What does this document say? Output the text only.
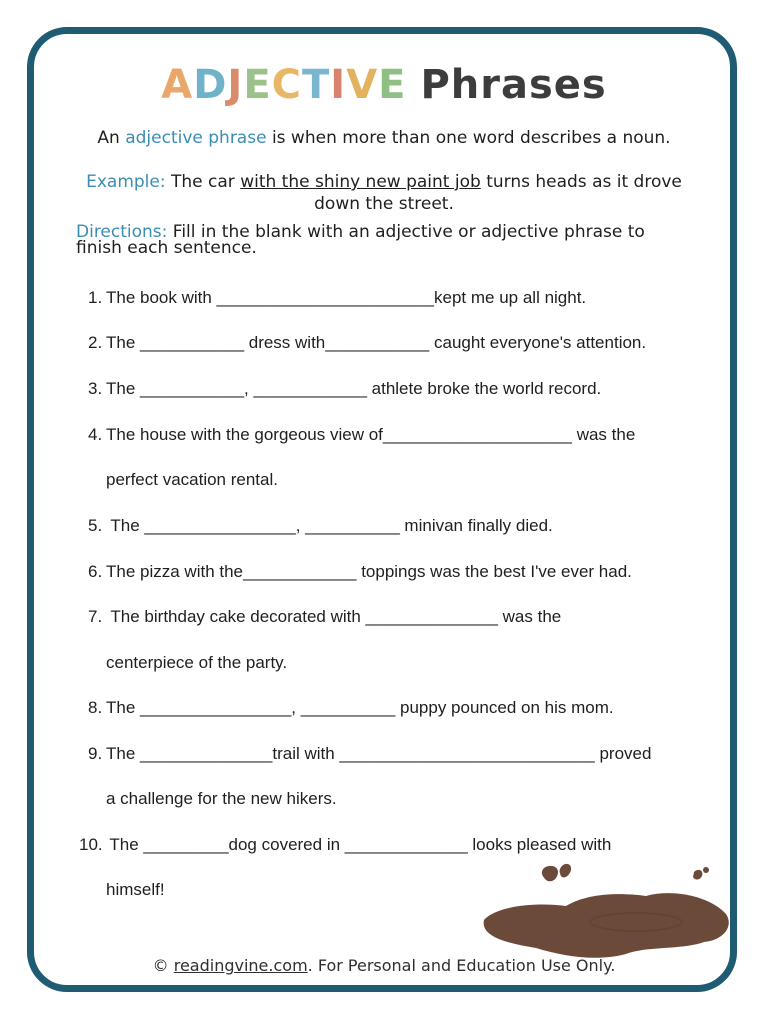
ADJECTIVE Phrases
An adjective phrase is when more than one word describes a noun.
Example: The car with the shiny new paint job turns heads as it drove
down the street.
Directions: Fill in the blank with an adjective or adjective phrase to
finish each sentence.
1. The book with _______________________kept me up all night.
2. The ___________ dress with___________ caught everyone's attention.
3. The ___________, ____________ athlete broke the world record.
4. The house with the gorgeous view of____________________ was the
perfect vacation rental.
5. The ________________, __________ minivan finally died.
6. The pizza with the____________ toppings was the best I've ever had.
7. The birthday cake decorated with ______________ was the
centerpiece of the party.
8. The ________________, __________ puppy pounced on his mom.
9. The ______________trail with ___________________________ proved
a challenge for the new hikers.
10. The _________dog covered in _____________ looks pleased with
himself!
© readingvine.com. For Personal and Education Use Only.
